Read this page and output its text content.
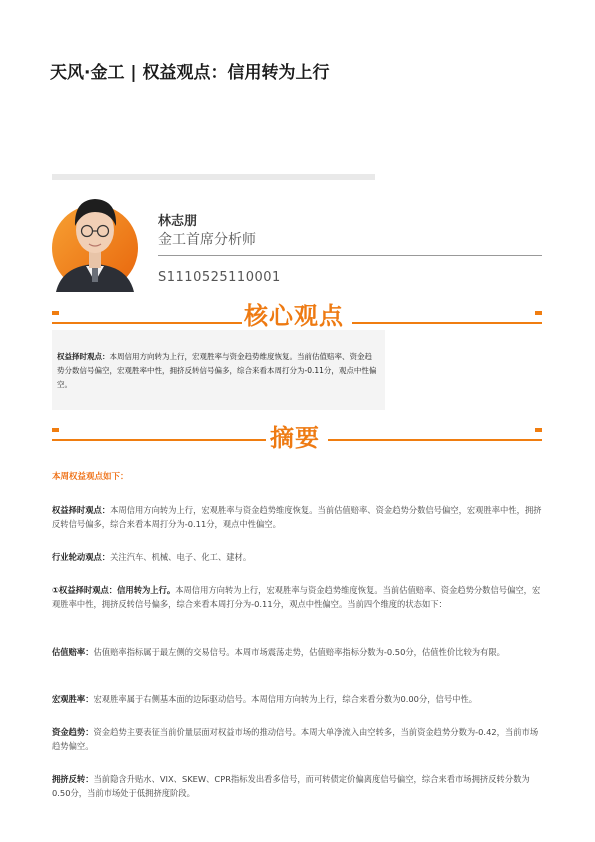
天风·金工 | 权益观点：信用转为上行
林志朋
金工首席分析师
S1110525110001
核心观点
权益择时观点：本周信用方向转为上行，宏观胜率与资金趋势维度恢复。当前估值赔率、资金趋势分数信号偏空，宏观胜率中性，拥挤反转信号偏多，综合来看本周打分为-0.11分，观点中性偏空。
摘要
本周权益观点如下：
权益择时观点：本周信用方向转为上行，宏观胜率与资金趋势维度恢复。当前估值赔率、资金趋势分数信号偏空，宏观胜率中性，拥挤反转信号偏多，综合来看本周打分为-0.11分，观点中性偏空。
行业轮动观点：关注汽车、机械、电子、化工、建材。
①权益择时观点：信用转为上行。本周信用方向转为上行，宏观胜率与资金趋势维度恢复。当前估值赔率、资金趋势分数信号偏空，宏观胜率中性，拥挤反转信号偏多，综合来看本周打分为-0.11分，观点中性偏空。当前四个维度的状态如下：
估值赔率：估值赔率指标属于最左侧的交易信号。本周市场震荡走势，估值赔率指标分数为-0.50分，估值性价比较为有限。
宏观胜率：宏观胜率属于右侧基本面的边际驱动信号。本周信用方向转为上行，综合来看分数为0.00分，信号中性。
资金趋势：资金趋势主要表征当前价量层面对权益市场的推动信号。本周大单净流入由空转多，当前资金趋势分数为-0.42，当前市场趋势偏空。
拥挤反转：当前隐含升贴水、VIX、SKEW、CPR指标发出看多信号，而可转债定价偏离度信号偏空，综合来看市场拥挤反转分数为0.50分，当前市场处于低拥挤度阶段。
